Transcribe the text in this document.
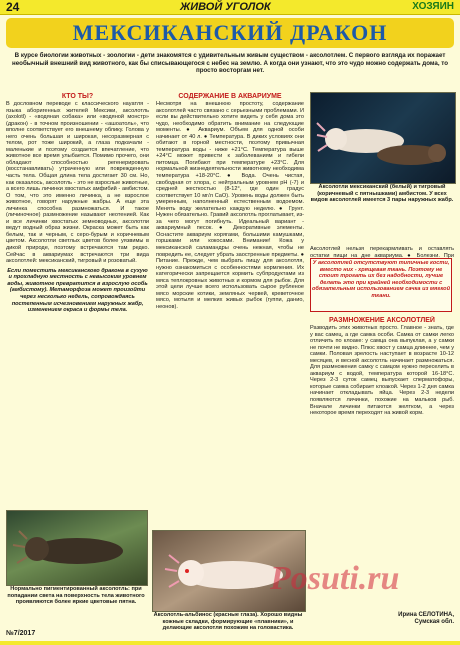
24	ЖИВОЙ УГОЛОК	ХОЗЯИН
МЕКСИКАНСКИЙ ДРАКОН
В курсе биологии животных - зоологии - дети знакомятся с удивительным живым существом - аксолотлем. С первого взгляда их поражает необычный внешний вид животного, как бы списывающегося с небес на землю. А когда они узнают, что это чудо можно содержать дома, то просто восторгам нет.
КТО ТЫ?
В дословном переводе с классического науатля - языка аборигенных жителей Мексики, аксолотль (axolotl) - «водяная собака» или «водяной монстр» (дракон) - в точном произношении - «ашоатоль», что вполне соответствует его внешнему облику. Голова у него очень большая и широкая, несоразмерная с телом, рот тоже широкий, а глаза подкачали - маленькие и поэтому создается впечатление, что животное все время улыбается. Помимо прочего, они обладают способностью регенерировать (восстанавливать) утраченную или поврежденную часть тела. Общая длина тела достигает 30 см. Но, как оказалось, аксолотль - это не взрослые животные, а всего лишь личинки хвостатых амфибий - амбистом. О том, что это именно личинка, а не взрослое животное, говорят наружные жабры. А еще эта личинка способна размножаться. И такое (личиночное) размножение называют неотенией. Как и все личинки хвостатых земноводных, аксолотли ведут водный образ жизни. Окраска может быть как белым, так и черным, с серо-бурым и коричневым цветом. Аксолотли светлых цветов более уязвимы в дикой природе, поэтому встречаются там редко. Сейчас в аквариумах встречаются три вида аксолотлей: мексиканский, тигровый и розоватый.
Если поместить мексиканского дракона в сухую и прохладную местность с невысоким уровнем воды, животное превратится в взрослую особь (амбистому). Метаморфоза может произойти через несколько недель, сопровождаясь постепенным исчезновением наружных жабр, изменением окраса и формы тела.
СОДЕРЖАНИЕ В АКВАРИУМЕ
Несмотря на внешнюю простоту, содержание аксолотлей часто связано с серьезными проблемами. И если вы действительно хотите видеть у себя дома это чудо, необходимо обратить внимание на следующие моменты. ● Аквариум. Объем для одной особи начинает от 40 л. ● Температура. В диких условиях они обитают в горной местности, поэтому привычная температура воды - ниже +21°С. Температура выше +24°С может привести к заболеваниям и гибели питомца. Погибают при температуре +23°С. Для нормальной жизнедеятельности животному необходима температура +18-20°С. ● Вода. Очень чистая, свободная от хлора, с нейтральным уровнем pH (-7) и средней жесткостью (8-12°, где один градус соответствует 10 мг/л CaO). Уровень воды должен быть умеренным, наполненный естественным водоемом. Менять воду желательно каждую неделю. ● Грунт. Нужен обязательно. Гравий аксолотль проглатывает, из-за чего могут погибнуть. Идеальный вариант - аквариумный песок. ● Декоративные элементы. Оснастите аквариум корягами, большими камушками, горшками или кокосами. Внимание! Кожа у мексиканской саламандры очень нежная, чтобы не повредить ее, следует убрать заостренные предметы. ● Питание. Прежде, чем выбрать пищу для аксолотля, нужно ознакомиться с особенностями кормления. Их категорически запрещается кормить субпродуктами из мяса теплокровных животных и кормом для рыбок. Для этой цели лучше всего использовать сырое рубленое мясо морские котики, земляных червей, креветочное мясо, мотыля и мелких живых рыбок (гуппи, данио, неонов).
Аксолотли мексиканский (белый) и тигровый (коричневый с пятнышками) амбистом. У всех видов аксолотлей имеется 3 пары наружных жабр.
Аксолотлей нельзя перекармливать и оставлять остатки пищи на дне аквариума. ● Болезни. При
У аксолотлей отсутствуют типичные кости, вместо них - хрящевая ткань. Поэтому не стоит трогать их без надобности, лучше делать это при крайней необходимости с обязательным использованием сачка из мягкой ткани.
РАЗМНОЖЕНИЕ АКСОЛОТЛЕЙ
Разводить этих животных просто. Главное - знать, где у вас самец, а где самка особи. Самка от самки легко отличить по клоаке: у самца она выпуклая, а у самки не почти не видно. Плюс хвост у самца длиннее, чем у самки. Половая зрелость наступает в возрасте 10-12 месяцев, и весной аксолотль начинает размножаться. Для размножения самку с самцом нужно переселить в аквариум с водой, температура которой 16-18°С. Через 2-3 суток самец выпускает сперматофоры, которые самка собирает клоакой. Через 1-2 дня самка начинает откладывать яйца. Через 2-3 недели появляются личинки, похожие на мальков рыб. Вначале личинки питаются желтком, а через некоторое время переходят на живой корм.
Нормально пигментированный аксолотль: при попадании света на поверхность тела животного проявляются более яркие цветовые пятна.
Аксолотль-альбинос (красные глаза). Хорошо видны кожные складки, формирующие «плавники», и делающие аксолотля похожим на головастика.
Posuti.ru
Ирина СЕЛОТИНА,
Сумская обл.
№7/2017
